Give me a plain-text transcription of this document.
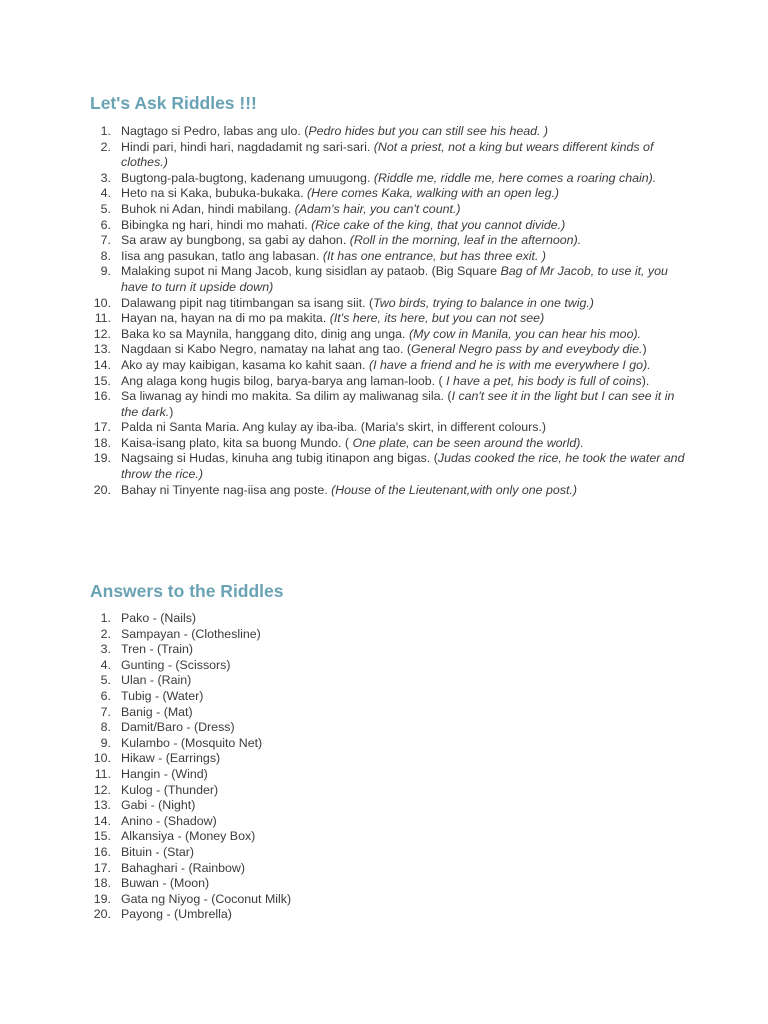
Let's Ask Riddles !!!
1. Nagtago si Pedro, labas ang ulo. (Pedro hides but you can still see his head. )
2. Hindi pari, hindi hari, nagdadamit ng sari-sari. (Not a priest, not a king but wears different kinds of clothes.)
3. Bugtong-pala-bugtong, kadenang umuugong. (Riddle me, riddle me, here comes a roaring chain).
4. Heto na si Kaka, bubuka-bukaka. (Here comes Kaka, walking with an open leg.)
5. Buhok ni Adan, hindi mabilang. (Adam's hair, you can't count.)
6. Bibingka ng hari, hindi mo mahati. (Rice cake of the king, that you cannot divide.)
7. Sa araw ay bungbong, sa gabi ay dahon. (Roll in the morning, leaf in the afternoon).
8. Iisa ang pasukan, tatlo ang labasan. (It has one entrance, but has three exit. )
9. Malaking supot ni Mang Jacob, kung sisidlan ay pataob. (Big Square Bag of Mr Jacob, to use it, you have to turn it upside down)
10. Dalawang pipit nag titimbangan sa isang siit. (Two birds, trying to balance in one twig.)
11. Hayan na, hayan na di mo pa makita. (It's here, its here, but you can not see)
12. Baka ko sa Maynila, hanggang dito, dinig ang unga. (My cow in Manila, you can hear his moo).
13. Nagdaan si Kabo Negro, namatay na lahat ang tao. (General Negro pass by and eveybody die.)
14. Ako ay may kaibigan, kasama ko kahit saan. (I have a friend and he is with me everywhere I go).
15. Ang alaga kong hugis bilog, barya-barya ang laman-loob. ( I have a pet, his body is full of coins).
16. Sa liwanag ay hindi mo makita. Sa dilim ay maliwanag sila. (I can't see it in the light but I can see it in the dark.)
17. Palda ni Santa Maria. Ang kulay ay iba-iba. (Maria's skirt, in different colours.)
18. Kaisa-isang plato, kita sa buong Mundo. ( One plate, can be seen around the world).
19. Nagsaing si Hudas, kinuha ang tubig itinapon ang bigas. (Judas cooked the rice, he took the water and throw the rice.)
20. Bahay ni Tinyente nag-iisa ang poste. (House of the Lieutenant,with only one post.)
Answers to the Riddles
1. Pako - (Nails)
2. Sampayan - (Clothesline)
3. Tren - (Train)
4. Gunting - (Scissors)
5. Ulan - (Rain)
6. Tubig - (Water)
7. Banig - (Mat)
8. Damit/Baro - (Dress)
9. Kulambo - (Mosquito Net)
10. Hikaw - (Earrings)
11. Hangin - (Wind)
12. Kulog - (Thunder)
13. Gabi - (Night)
14. Anino - (Shadow)
15. Alkansiya - (Money Box)
16. Bituin - (Star)
17. Bahaghari - (Rainbow)
18. Buwan - (Moon)
19. Gata ng Niyog - (Coconut Milk)
20. Payong - (Umbrella)
